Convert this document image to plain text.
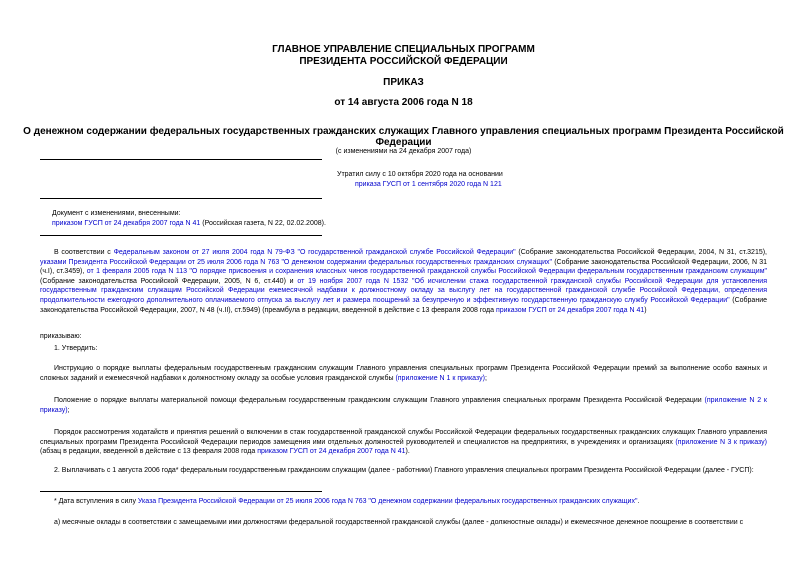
ГЛАВНОЕ УПРАВЛЕНИЕ СПЕЦИАЛЬНЫХ ПРОГРАММ
ПРЕЗИДЕНТА РОССИЙСКОЙ ФЕДЕРАЦИИ
ПРИКАЗ
от 14 августа 2006 года N 18
О денежном содержании федеральных государственных гражданских служащих Главного управления специальных программ Президента Российской Федерации
(с изменениями на 24 декабря 2007 года)
Утратил силу с 10 октября 2020 года на основании
приказа ГУСП от 1 сентября 2020 года N 121
Документ с изменениями, внесенными:
приказом ГУСП от 24 декабря 2007 года N 41 (Российская газета, N 22, 02.02.2008).
В соответствии с Федеральным законом от 27 июля 2004 года N 79-ФЗ "О государственной гражданской службе Российской Федерации" (Собрание законодательства Российской Федерации, 2004, N 31, ст.3215), указами Президента Российской Федерации от 25 июля 2006 года N 763 "О денежном содержании федеральных государственных гражданских служащих" (Собрание законодательства Российской Федерации, 2006, N 31 (ч.I), ст.3459), от 1 февраля 2005 года N 113 "О порядке присвоения и сохранения классных чинов государственной гражданской службы Российской Федерации федеральным государственным гражданским служащим" (Собрание законодательства Российской Федерации, 2005, N 6, ст.440) и от 19 ноября 2007 года N 1532 "Об исчислении стажа государственной гражданской службы Российской Федерации для установления государственным гражданским служащим Российской Федерации ежемесячной надбавки к должностному окладу за выслугу лет на государственной гражданской службе Российской Федерации, определения продолжительности ежегодного дополнительного оплачиваемого отпуска за выслугу лет и размера поощрений за безупречную и эффективную государственную гражданскую службу Российской Федерации" (Собрание законодательства Российской Федерации, 2007, N 48 (ч.II), ст.5949) (преамбула в редакции, введенной в действие с 13 февраля 2008 года приказом ГУСП от 24 декабря 2007 года N 41)
приказываю:
1. Утвердить:
Инструкцию о порядке выплаты федеральным государственным гражданским служащим Главного управления специальных программ Президента Российской Федерации премий за выполнение особо важных и сложных заданий и ежемесячной надбавки к должностному окладу за особые условия гражданской службы (приложение N 1 к приказу);
Положение о порядке выплаты материальной помощи федеральным государственным гражданским служащим Главного управления специальных программ Президента Российской Федерации (приложение N 2 к приказу);
Порядок рассмотрения ходатайств и принятия решений о включении в стаж государственной гражданской службы Российской Федерации федеральных государственных гражданских служащих Главного управления специальных программ Президента Российской Федерации периодов замещения ими отдельных должностей руководителей и специалистов на предприятиях, в учреждениях и организациях (приложение N 3 к приказу) (абзац в редакции, введенной в действие с 13 февраля 2008 года приказом ГУСП от 24 декабря 2007 года N 41).
2. Выплачивать с 1 августа 2006 года* федеральным государственным гражданским служащим (далее - работники) Главного управления специальных программ Президента Российской Федерации (далее - ГУСП):
* Дата вступления в силу Указа Президента Российской Федерации от 25 июля 2006 года N 763 "О денежном содержании федеральных государственных гражданских служащих".
а) месячные оклады в соответствии с замещаемыми ими должностями федеральной государственной гражданской службы (далее - должностные оклады) и ежемесячное денежное поощрение в соответствии с
